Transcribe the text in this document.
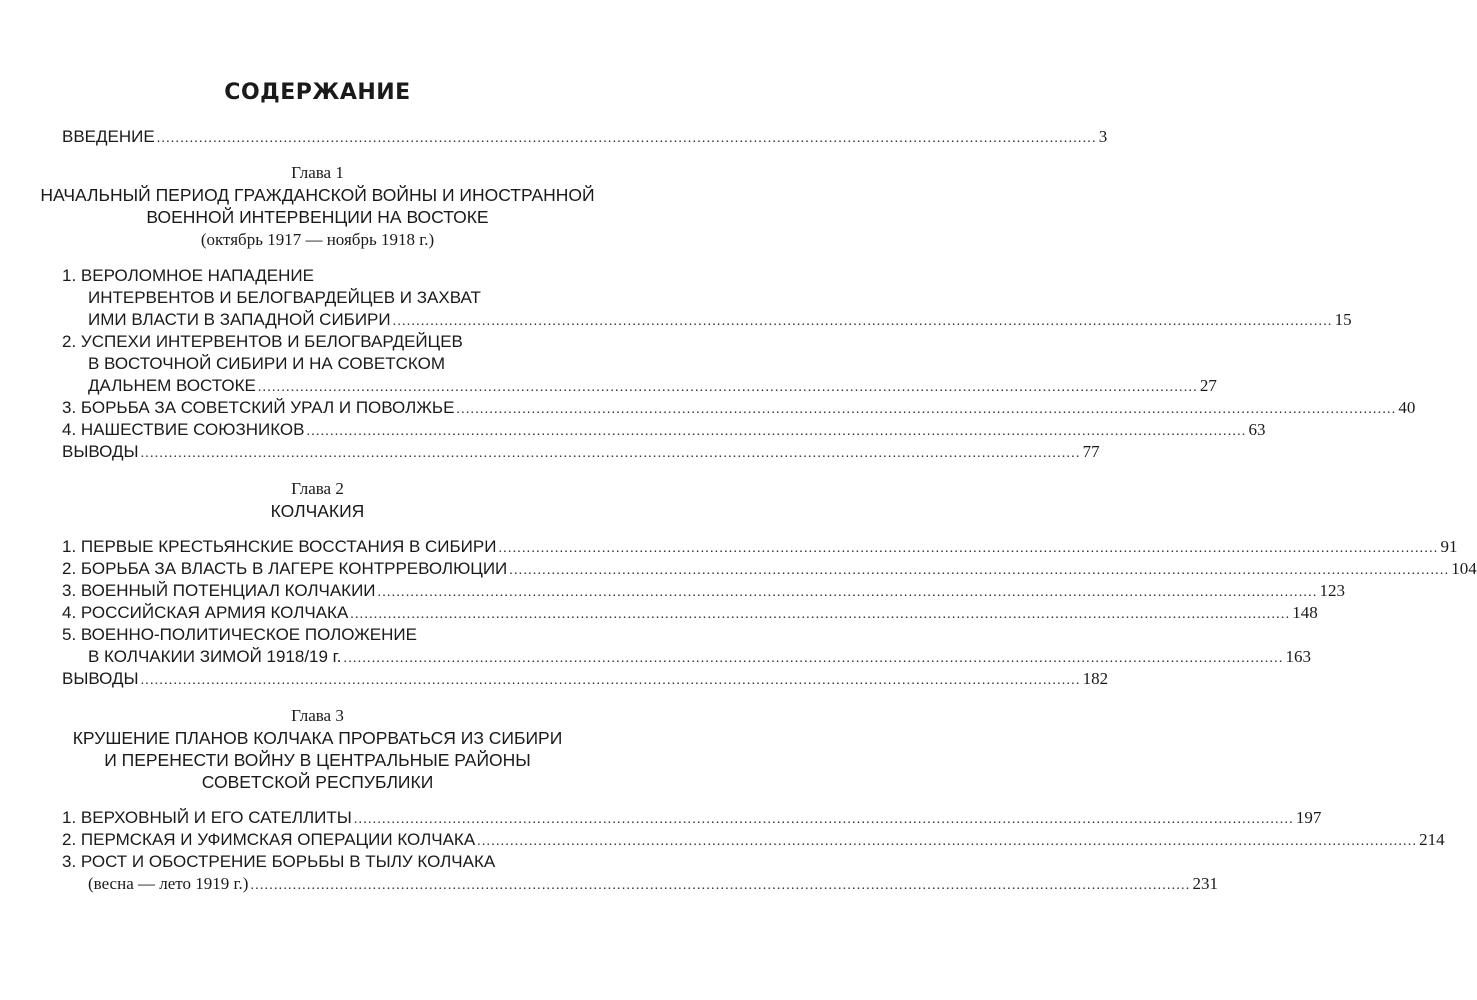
СОДЕРЖАНИЕ
ВВЕДЕНИЕ ........................................................................................................................................................................................................ 3
Глава 1
НАЧАЛЬНЫЙ ПЕРИОД ГРАЖДАНСКОЙ ВОЙНЫ И ИНОСТРАННОЙ
ВОЕННОЙ ИНТЕРВЕНЦИИ НА ВОСТОКЕ
(октябрь 1917 — ноябрь 1918 г.)
1. ВЕРОЛОМНОЕ НАПАДЕНИЕ
ИНТЕРВЕНТОВ И БЕЛОГВАРДЕЙЦЕВ И ЗАХВАТ
ИМИ ВЛАСТИ В ЗАПАДНОЙ СИБИРИ ........................................................................................................................................................................................................ 15
2. УСПЕХИ ИНТЕРВЕНТОВ И БЕЛОГВАРДЕЙЦЕВ
В ВОСТОЧНОЙ СИБИРИ И НА СОВЕТСКОМ
ДАЛЬНЕМ ВОСТОКЕ ........................................................................................................................................................................................................ 27
3. БОРЬБА ЗА СОВЕТСКИЙ УРАЛ И ПОВОЛЖЬЕ ........................................................................................................................................................................................................ 40
4. НАШЕСТВИЕ СОЮЗНИКОВ ........................................................................................................................................................................................................ 63
ВЫВОДЫ ........................................................................................................................................................................................................ 77
Глава 2
КОЛЧАКИЯ
1. ПЕРВЫЕ КРЕСТЬЯНСКИЕ ВОССТАНИЯ В СИБИРИ ........................................................................................................................................................................................................ 91
2. БОРЬБА ЗА ВЛАСТЬ В ЛАГЕРЕ КОНТРРЕВОЛЮЦИИ ........................................................................................................................................................................................................ 104
3. ВОЕННЫЙ ПОТЕНЦИАЛ КОЛЧАКИИ ........................................................................................................................................................................................................ 123
4. РОССИЙСКАЯ АРМИЯ КОЛЧАКА ........................................................................................................................................................................................................ 148
5. ВОЕННО-ПОЛИТИЧЕСКОЕ ПОЛОЖЕНИЕ
В КОЛЧАКИИ ЗИМОЙ 1918/19 г. ........................................................................................................................................................................................................ 163
ВЫВОДЫ ........................................................................................................................................................................................................ 182
Глава 3
КРУШЕНИЕ ПЛАНОВ КОЛЧАКА ПРОРВАТЬСЯ ИЗ СИБИРИ
И ПЕРЕНЕСТИ ВОЙНУ В ЦЕНТРАЛЬНЫЕ РАЙОНЫ
СОВЕТСКОЙ РЕСПУБЛИКИ
1. ВЕРХОВНЫЙ И ЕГО САТЕЛЛИТЫ ........................................................................................................................................................................................................ 197
2. ПЕРМСКАЯ И УФИМСКАЯ ОПЕРАЦИИ КОЛЧАКА ........................................................................................................................................................................................................ 214
3. РОСТ И ОБОСТРЕНИЕ БОРЬБЫ В ТЫЛУ КОЛЧАКА
(весна — лето 1919 г.) ........................................................................................................................................................................................................ 231
